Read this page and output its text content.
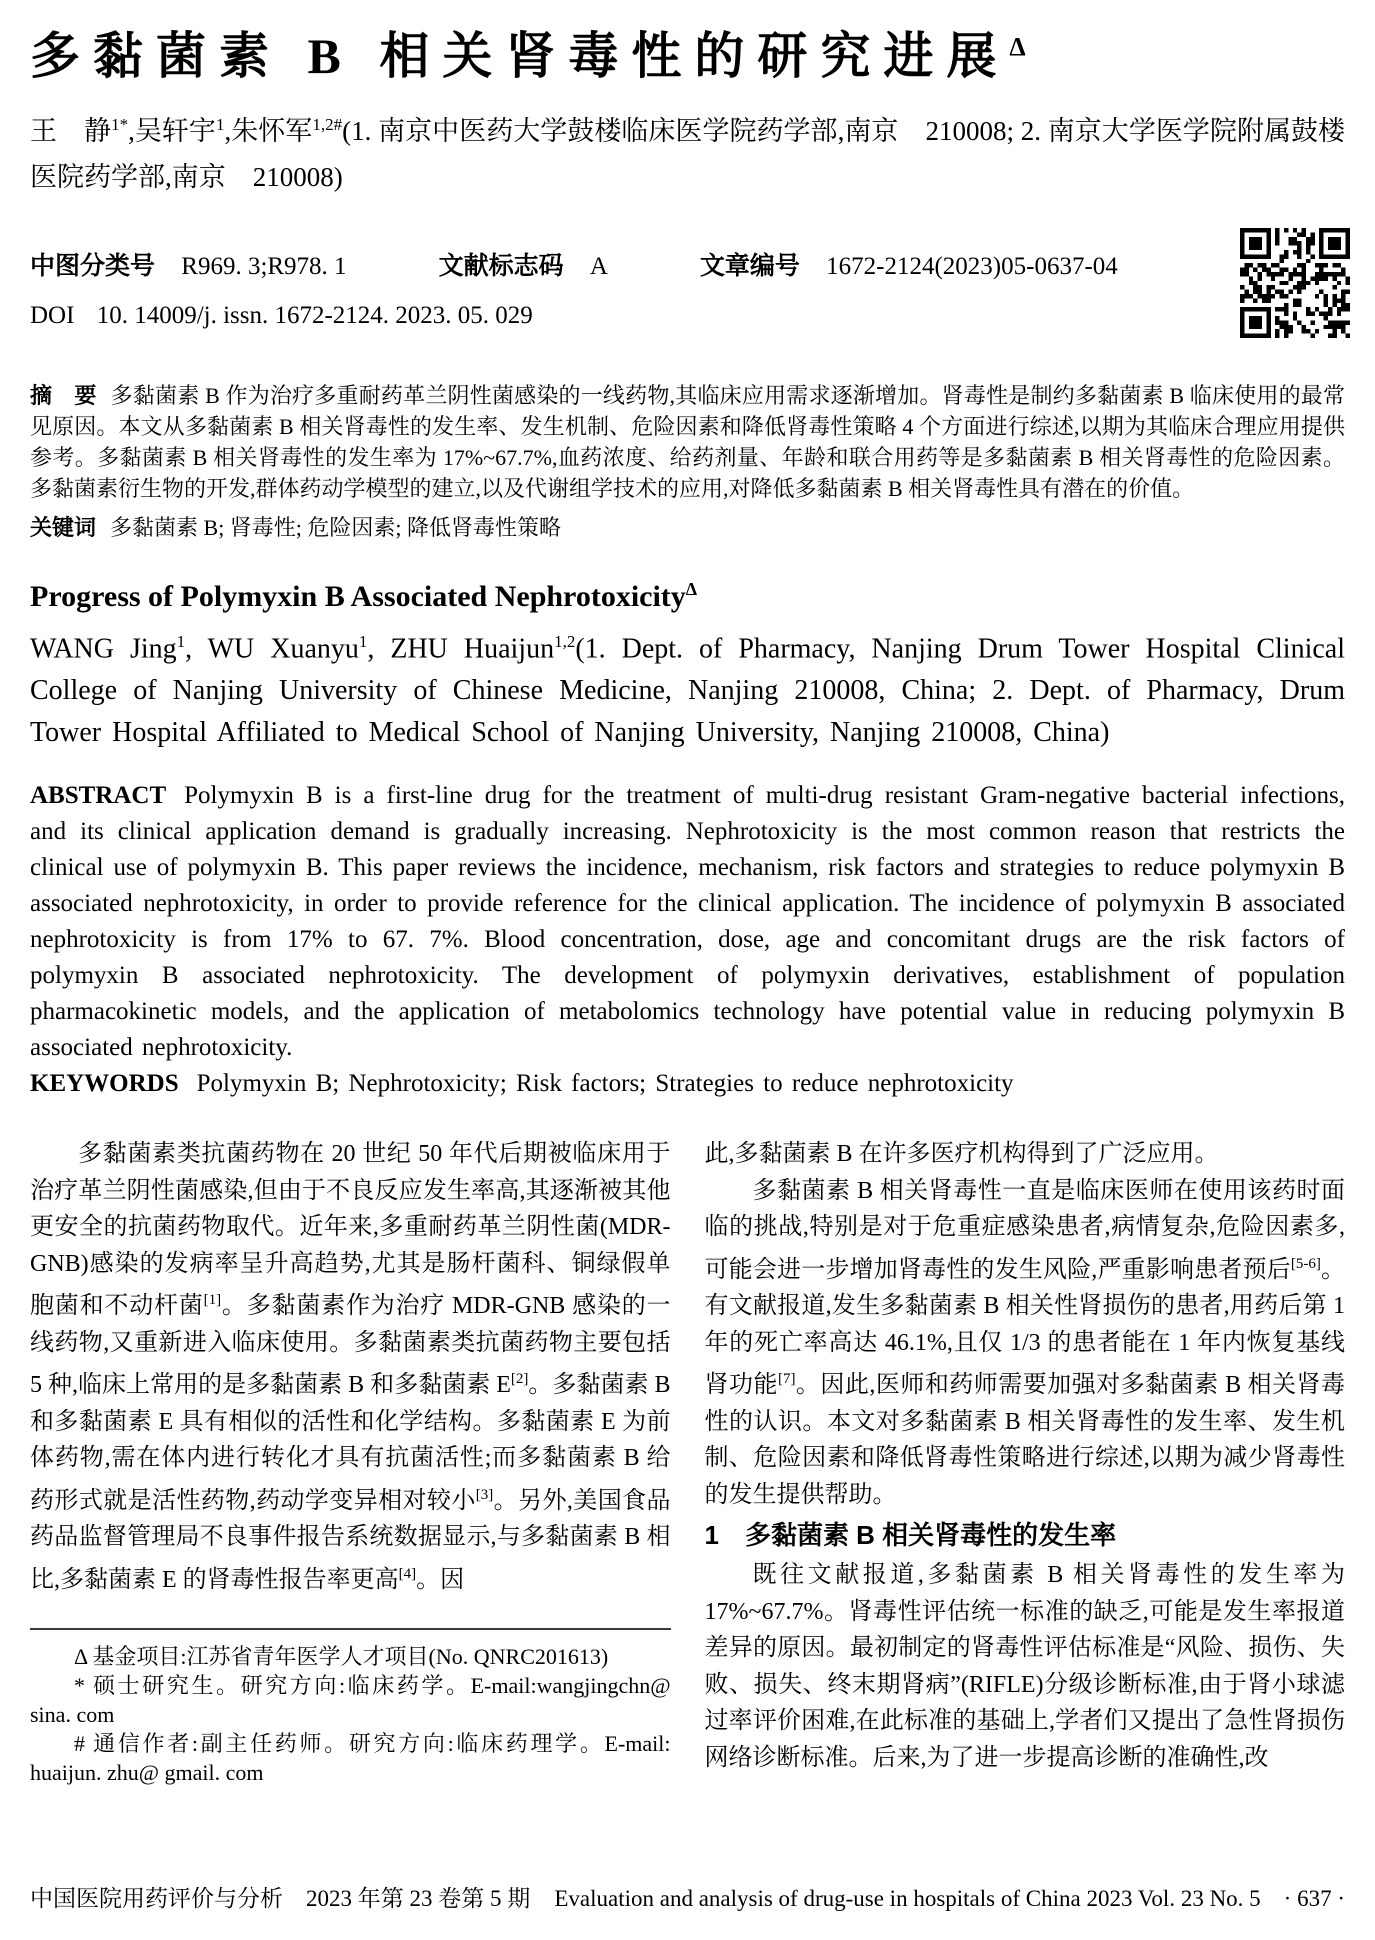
多黏菌素 B 相关肾毒性的研究进展$^\Delta$

王　静$^{1*}$,吴轩宇$^1$,朱怀军$^{1,2\#}$(1. 南京中医药大学鼓楼临床医学院药学部,南京　210008; 2. 南京大学医学院附属鼓楼医院药学部,南京　210008)

中图分类号 R969. 3;R978. 1	文献标志码 A	文章编号 1672-2124(2023)05-0637-04
DOI 10. 14009/j. issn. 1672-2124. 2023. 05. 029

摘　要 多黏菌素 B 作为治疗多重耐药革兰阴性菌感染的一线药物,其临床应用需求逐渐增加。肾毒性是制约多黏菌素 B 临床使用的最常见原因。本文从多黏菌素 B 相关肾毒性的发生率、发生机制、危险因素和降低肾毒性策略 4 个方面进行综述,以期为其临床合理应用提供参考。多黏菌素 B 相关肾毒性的发生率为 17%~67.7%,血药浓度、给药剂量、年龄和联合用药等是多黏菌素 B 相关肾毒性的危险因素。多黏菌素衍生物的开发,群体药动学模型的建立,以及代谢组学技术的应用,对降低多黏菌素 B 相关肾毒性具有潜在的价值。

关键词 多黏菌素 B; 肾毒性; 危险因素; 降低肾毒性策略

Progress of Polymyxin B Associated Nephrotoxicity$^\Delta$

WANG Jing$^1$, WU Xuanyu$^1$, ZHU Huaijun$^{1,2}$(1. Dept. of Pharmacy, Nanjing Drum Tower Hospital Clinical College of Nanjing University of Chinese Medicine, Nanjing 210008, China; 2. Dept. of Pharmacy, Drum Tower Hospital Affiliated to Medical School of Nanjing University, Nanjing 210008, China)

ABSTRACT Polymyxin B is a first-line drug for the treatment of multi-drug resistant Gram-negative bacterial infections, and its clinical application demand is gradually increasing. Nephrotoxicity is the most common reason that restricts the clinical use of polymyxin B. This paper reviews the incidence, mechanism, risk factors and strategies to reduce polymyxin B associated nephrotoxicity, in order to provide reference for the clinical application. The incidence of polymyxin B associated nephrotoxicity is from 17% to 67. 7%. Blood concentration, dose, age and concomitant drugs are the risk factors of polymyxin B associated nephrotoxicity. The development of polymyxin derivatives, establishment of population pharmacokinetic models, and the application of metabolomics technology have potential value in reducing polymyxin B associated nephrotoxicity.

KEYWORDS Polymyxin B; Nephrotoxicity; Risk factors; Strategies to reduce nephrotoxicity

多黏菌素类抗菌药物在 20 世纪 50 年代后期被临床用于治疗革兰阴性菌感染,但由于不良反应发生率高,其逐渐被其他更安全的抗菌药物取代。近年来,多重耐药革兰阴性菌(MDR-GNB)感染的发病率呈升高趋势,尤其是肠杆菌科、铜绿假单胞菌和不动杆菌[1]。多黏菌素作为治疗 MDR-GNB 感染的一线药物,又重新进入临床使用。多黏菌素类抗菌药物主要包括 5 种,临床上常用的是多黏菌素 B 和多黏菌素 E[2]。多黏菌素 B 和多黏菌素 E 具有相似的活性和化学结构。多黏菌素 E 为前体药物,需在体内进行转化才具有抗菌活性;而多黏菌素 B 给药形式就是活性药物,药动学变异相对较小[3]。另外,美国食品药品监督管理局不良事件报告系统数据显示,与多黏菌素 B 相比,多黏菌素 E 的肾毒性报告率更高[4]。因

Δ 基金项目:江苏省青年医学人才项目(No. QNRC201613)

* 硕士研究生。研究方向:临床药学。E-mail:wangjingchn@ sina. com

# 通信作者:副主任药师。研究方向:临床药理学。E-mail: huaijun. zhu@ gmail. com

此,多黏菌素 B 在许多医疗机构得到了广泛应用。

多黏菌素 B 相关肾毒性一直是临床医师在使用该药时面临的挑战,特别是对于危重症感染患者,病情复杂,危险因素多,可能会进一步增加肾毒性的发生风险,严重影响患者预后[5-6]。有文献报道,发生多黏菌素 B 相关性肾损伤的患者,用药后第 1 年的死亡率高达 46.1%,且仅 1/3 的患者能在 1 年内恢复基线肾功能[7]。因此,医师和药师需要加强对多黏菌素 B 相关肾毒性的认识。本文对多黏菌素 B 相关肾毒性的发生率、发生机制、危险因素和降低肾毒性策略进行综述,以期为减少肾毒性的发生提供帮助。

1　多黏菌素 B 相关肾毒性的发生率

既往文献报道,多黏菌素 B 相关肾毒性的发生率为 17%~67.7%。肾毒性评估统一标准的缺乏,可能是发生率报道差异的原因。最初制定的肾毒性评估标准是“风险、损伤、失败、损失、终末期肾病”(RIFLE)分级诊断标准,由于肾小球滤过率评价困难,在此标准的基础上,学者们又提出了急性肾损伤网络诊断标准。后来,为了进一步提高诊断的准确性,改

中国医院用药评价与分析　2023 年第 23 卷第 5 期 Evaluation and analysis of drug-use in hospitals of China 2023 Vol. 23 No. 5　· 637 ·
